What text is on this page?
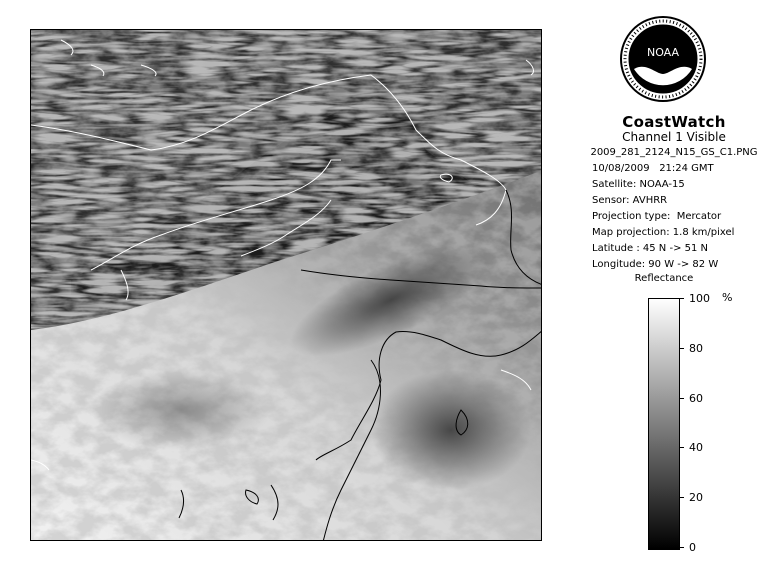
NOAA
CoastWatch
Channel 1 Visible
2009_281_2124_N15_GS_C1.PNG
10/08/2009 21:24 GMT
Satellite: NOAA-15
Sensor: AVHRR
Projection type: Mercator
Map projection: 1.8 km/pixel
Latitude : 45 N -> 51 N
Longitude: 90 W -> 82 W
Reflectance
%
100
80
60
40
20
0
